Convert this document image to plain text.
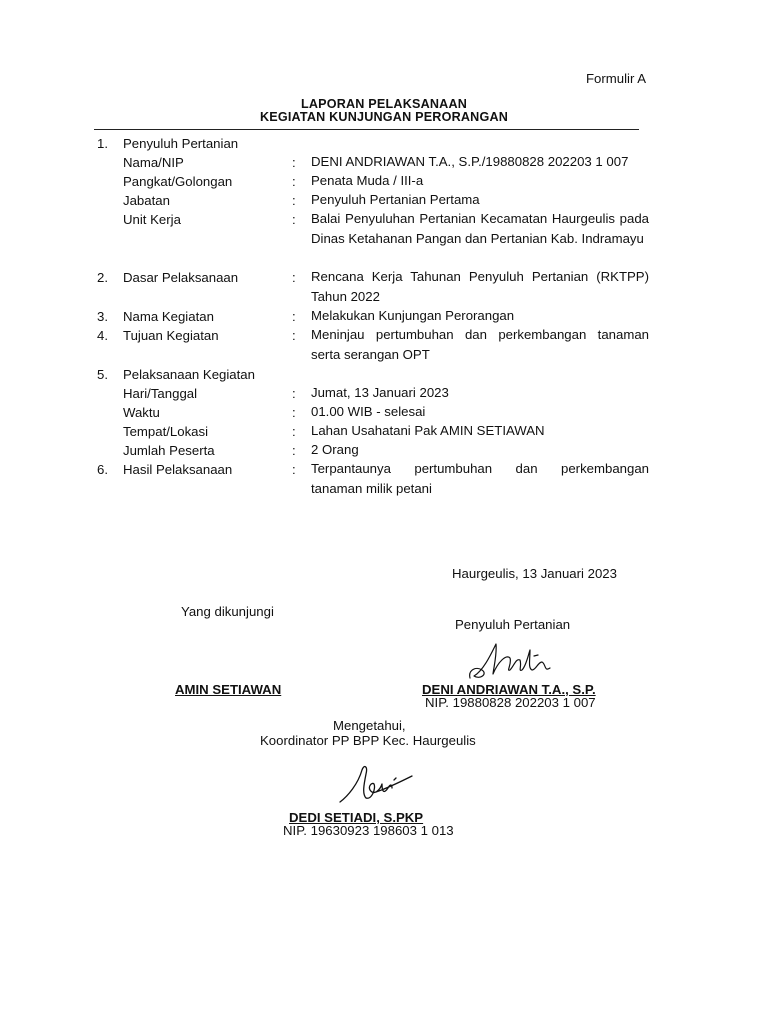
Formulir A
LAPORAN PELAKSANAAN
KEGIATAN KUNJUNGAN PERORANGAN
1. Penyuluh Pertanian
Nama/NIP	: DENI ANDRIAWAN T.A., S.P./19880828 202203 1 007
Pangkat/Golongan	: Penata Muda / III-a
Jabatan	: Penyuluh Pertanian Pertama
Unit Kerja	: Balai Penyuluhan Pertanian Kecamatan Haurgeulis pada Dinas Ketahanan Pangan dan Pertanian Kab. Indramayu
2. Dasar Pelaksanaan	: Rencana Kerja Tahunan Penyuluh Pertanian (RKTPP) Tahun 2022
3. Nama Kegiatan	: Melakukan Kunjungan Perorangan
4. Tujuan Kegiatan	: Meninjau pertumbuhan dan perkembangan tanaman serta serangan OPT
5. Pelaksanaan Kegiatan
Hari/Tanggal	: Jumat, 13 Januari 2023
Waktu	: 01.00 WIB - selesai
Tempat/Lokasi	: Lahan Usahatani Pak AMIN SETIAWAN
Jumlah Peserta	: 2 Orang
6. Hasil Pelaksanaan	: Terpantaunya pertumbuhan dan perkembangan
tanaman milik petani
Haurgeulis, 13 Januari 2023
Yang dikunjungi
Penyuluh Pertanian
AMIN SETIAWAN	DENI ANDRIAWAN T.A., S.P.
NIP. 19880828 202203 1 007
Mengetahui,
Koordinator PP BPP Kec. Haurgeulis
DEDI SETIADI, S.PKP
NIP. 19630923 198603 1 013
